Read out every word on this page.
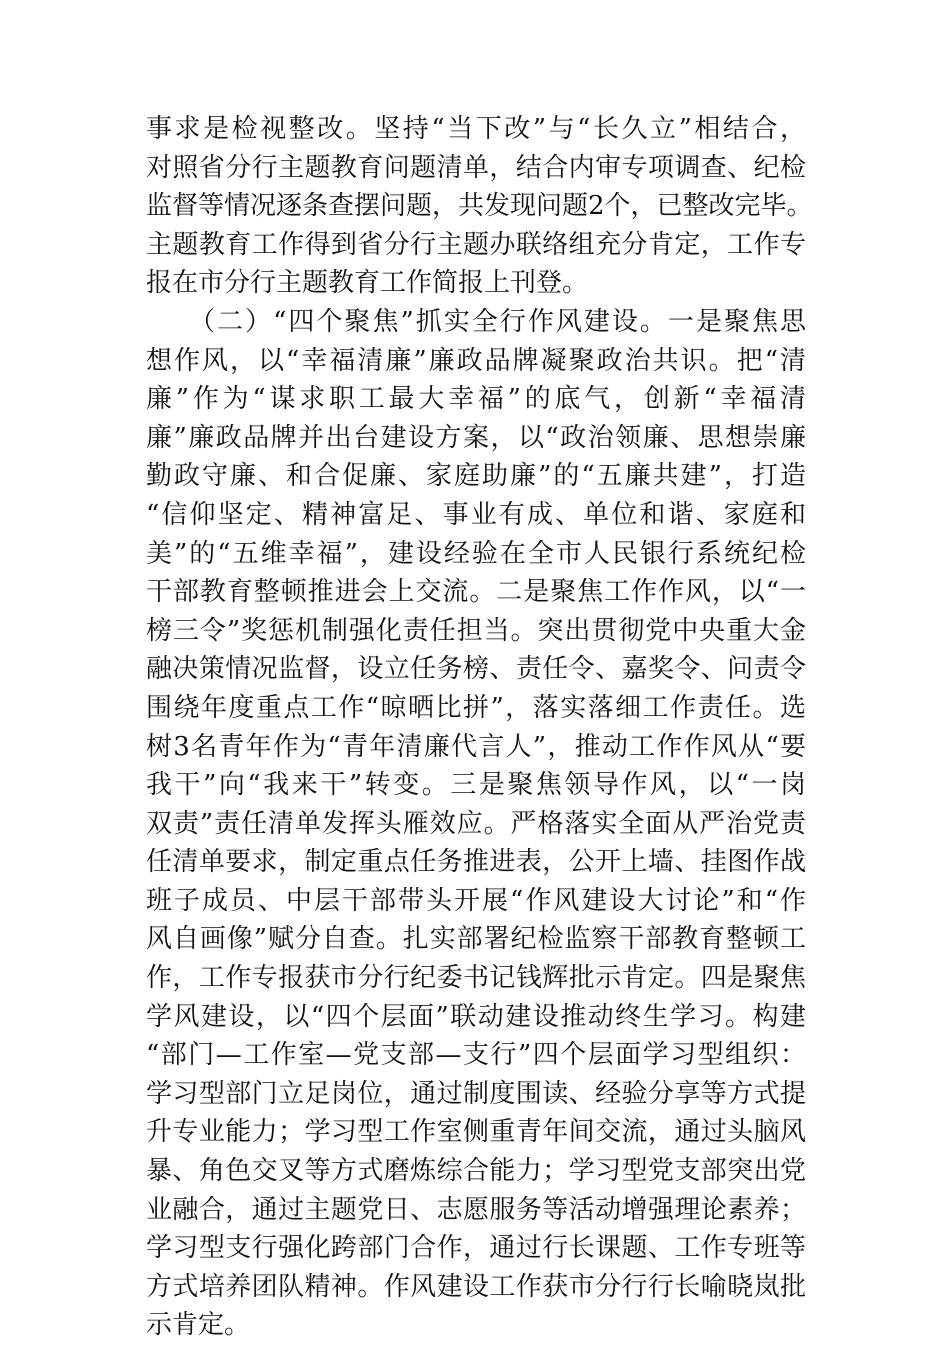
事求是检视整改。坚持“当下改”与“长久立”相结合，
对照省分行主题教育问题清单，结合内审专项调查、纪检
监督等情况逐条查摆问题，共发现问题2个，已整改完毕。
主题教育工作得到省分行主题办联络组充分肯定，工作专
报在市分行主题教育工作简报上刊登。
　　（二）“四个聚焦”抓实全行作风建设。一是聚焦思
想作风，以“幸福清廉”廉政品牌凝聚政治共识。把“清
廉”作为“谋求职工最大幸福”的底气，创新“幸福清
廉”廉政品牌并出台建设方案，以“政治领廉、思想崇廉
勤政守廉、和合促廉、家庭助廉”的“五廉共建”，打造
“信仰坚定、精神富足、事业有成、单位和谐、家庭和
美”的“五维幸福”，建设经验在全市人民银行系统纪检
干部教育整顿推进会上交流。二是聚焦工作作风，以“一
榜三令”奖惩机制强化责任担当。突出贯彻党中央重大金
融决策情况监督，设立任务榜、责任令、嘉奖令、问责令
围绕年度重点工作“晾晒比拼”，落实落细工作责任。选
树3名青年作为“青年清廉代言人”，推动工作作风从“要
我干”向“我来干”转变。三是聚焦领导作风，以“一岗
双责”责任清单发挥头雁效应。严格落实全面从严治党责
任清单要求，制定重点任务推进表，公开上墙、挂图作战
班子成员、中层干部带头开展“作风建设大讨论”和“作
风自画像”赋分自查。扎实部署纪检监察干部教育整顿工
作，工作专报获市分行纪委书记钱辉批示肯定。四是聚焦
学风建设，以“四个层面”联动建设推动终生学习。构建
“部门—工作室—党支部—支行”四个层面学习型组织：
学习型部门立足岗位，通过制度围读、经验分享等方式提
升专业能力；学习型工作室侧重青年间交流，通过头脑风
暴、角色交叉等方式磨炼综合能力；学习型党支部突出党
业融合，通过主题党日、志愿服务等活动增强理论素养；
学习型支行强化跨部门合作，通过行长课题、工作专班等
方式培养团队精神。作风建设工作获市分行行长喻晓岚批
示肯定。
